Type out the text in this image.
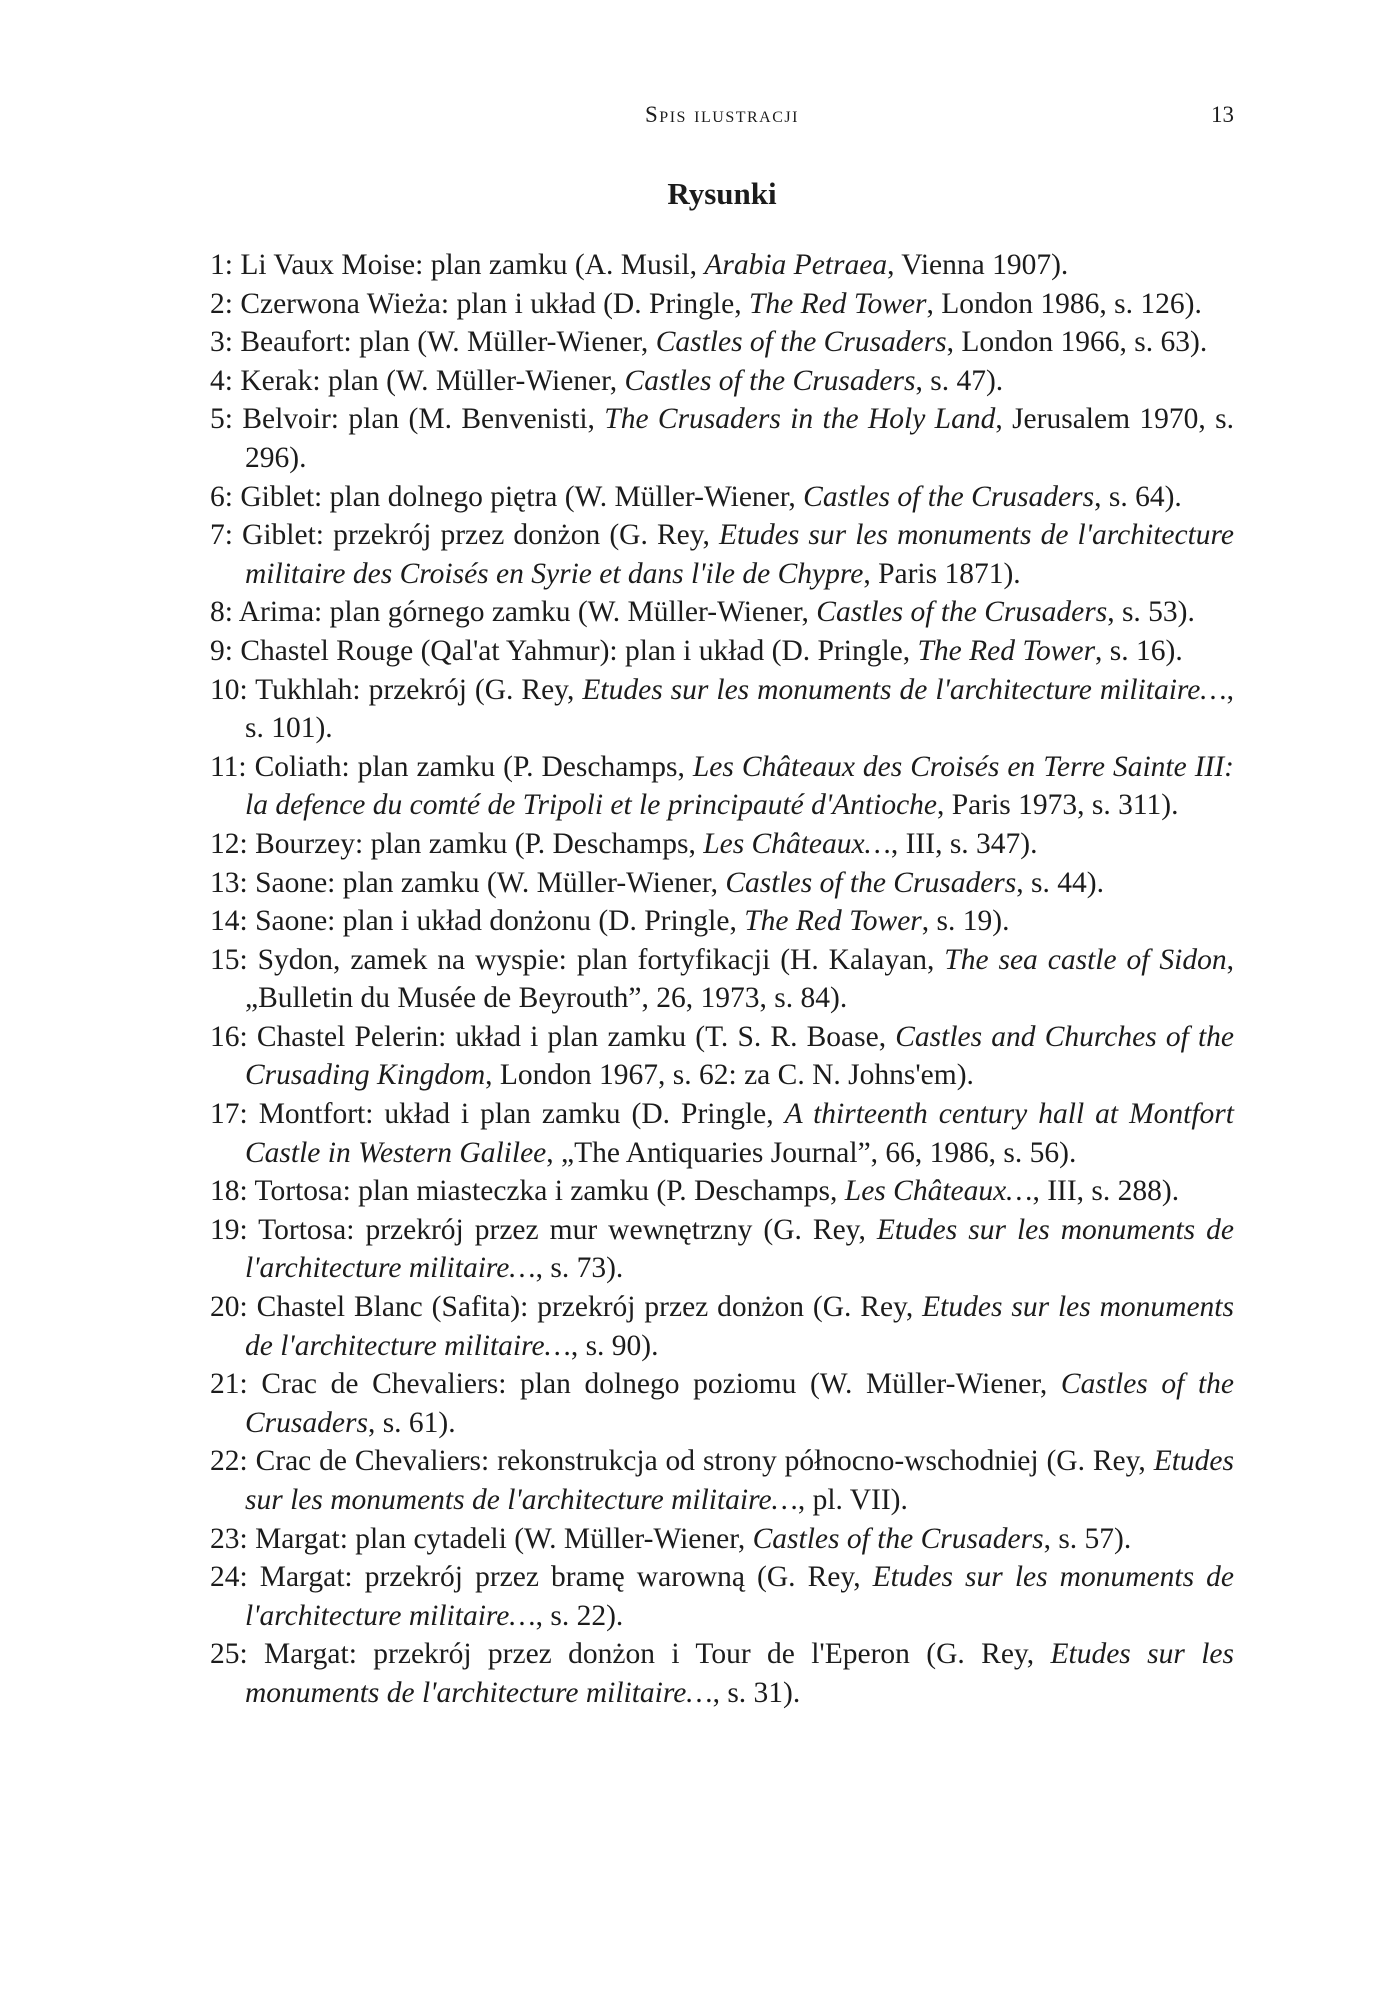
Spis ilustracji	13
Rysunki

1: Li Vaux Moise: plan zamku (A. Musil, Arabia Petraea, Vienna 1907).

2: Czerwona Wieża: plan i układ (D. Pringle, The Red Tower, London 1986, s. 126).

3: Beaufort: plan (W. Müller-Wiener, Castles of the Crusaders, London 1966, s. 63).

4: Kerak: plan (W. Müller-Wiener, Castles of the Crusaders, s. 47).

5: Belvoir: plan (M. Benvenisti, The Crusaders in the Holy Land, Jerusalem 1970, s. 296).

6: Giblet: plan dolnego piętra (W. Müller-Wiener, Castles of the Crusaders, s. 64).

7: Giblet: przekrój przez donżon (G. Rey, Etudes sur les monuments de l'architecture militaire des Croisés en Syrie et dans l'ile de Chypre, Paris 1871).

8: Arima: plan górnego zamku (W. Müller-Wiener, Castles of the Crusaders, s. 53).

9: Chastel Rouge (Qal'at Yahmur): plan i układ (D. Pringle, The Red Tower, s. 16).

10: Tukhlah: przekrój (G. Rey, Etudes sur les monuments de l'architecture militaire…, s. 101).

11: Coliath: plan zamku (P. Deschamps, Les Châteaux des Croisés en Terre Sainte III: la defence du comté de Tripoli et le principauté d'Antioche, Paris 1973, s. 311).

12: Bourzey: plan zamku (P. Deschamps, Les Châteaux…, III, s. 347).

13: Saone: plan zamku (W. Müller-Wiener, Castles of the Crusaders, s. 44).

14: Saone: plan i układ donżonu (D. Pringle, The Red Tower, s. 19).

15: Sydon, zamek na wyspie: plan fortyfikacji (H. Kalayan, The sea castle of Sidon, „Bulletin du Musée de Beyrouth”, 26, 1973, s. 84).

16: Chastel Pelerin: układ i plan zamku (T. S. R. Boase, Castles and Churches of the Crusading Kingdom, London 1967, s. 62: za C. N. Johns'em).

17: Montfort: układ i plan zamku (D. Pringle, A thirteenth century hall at Montfort Castle in Western Galilee, „The Antiquaries Journal”, 66, 1986, s. 56).

18: Tortosa: plan miasteczka i zamku (P. Deschamps, Les Châteaux…, III, s. 288).

19: Tortosa: przekrój przez mur wewnętrzny (G. Rey, Etudes sur les monuments de l'architecture militaire…, s. 73).

20: Chastel Blanc (Safita): przekrój przez donżon (G. Rey, Etudes sur les monuments de l'architecture militaire…, s. 90).

21: Crac de Chevaliers: plan dolnego poziomu (W. Müller-Wiener, Castles of the Crusaders, s. 61).

22: Crac de Chevaliers: rekonstrukcja od strony północno-wschodniej (G. Rey, Etudes sur les monuments de l'architecture militaire…, pl. VII).

23: Margat: plan cytadeli (W. Müller-Wiener, Castles of the Crusaders, s. 57).

24: Margat: przekrój przez bramę warowną (G. Rey, Etudes sur les monuments de l'architecture militaire…, s. 22).

25: Margat: przekrój przez donżon i Tour de l'Eperon (G. Rey, Etudes sur les monuments de l'architecture militaire…, s. 31).
